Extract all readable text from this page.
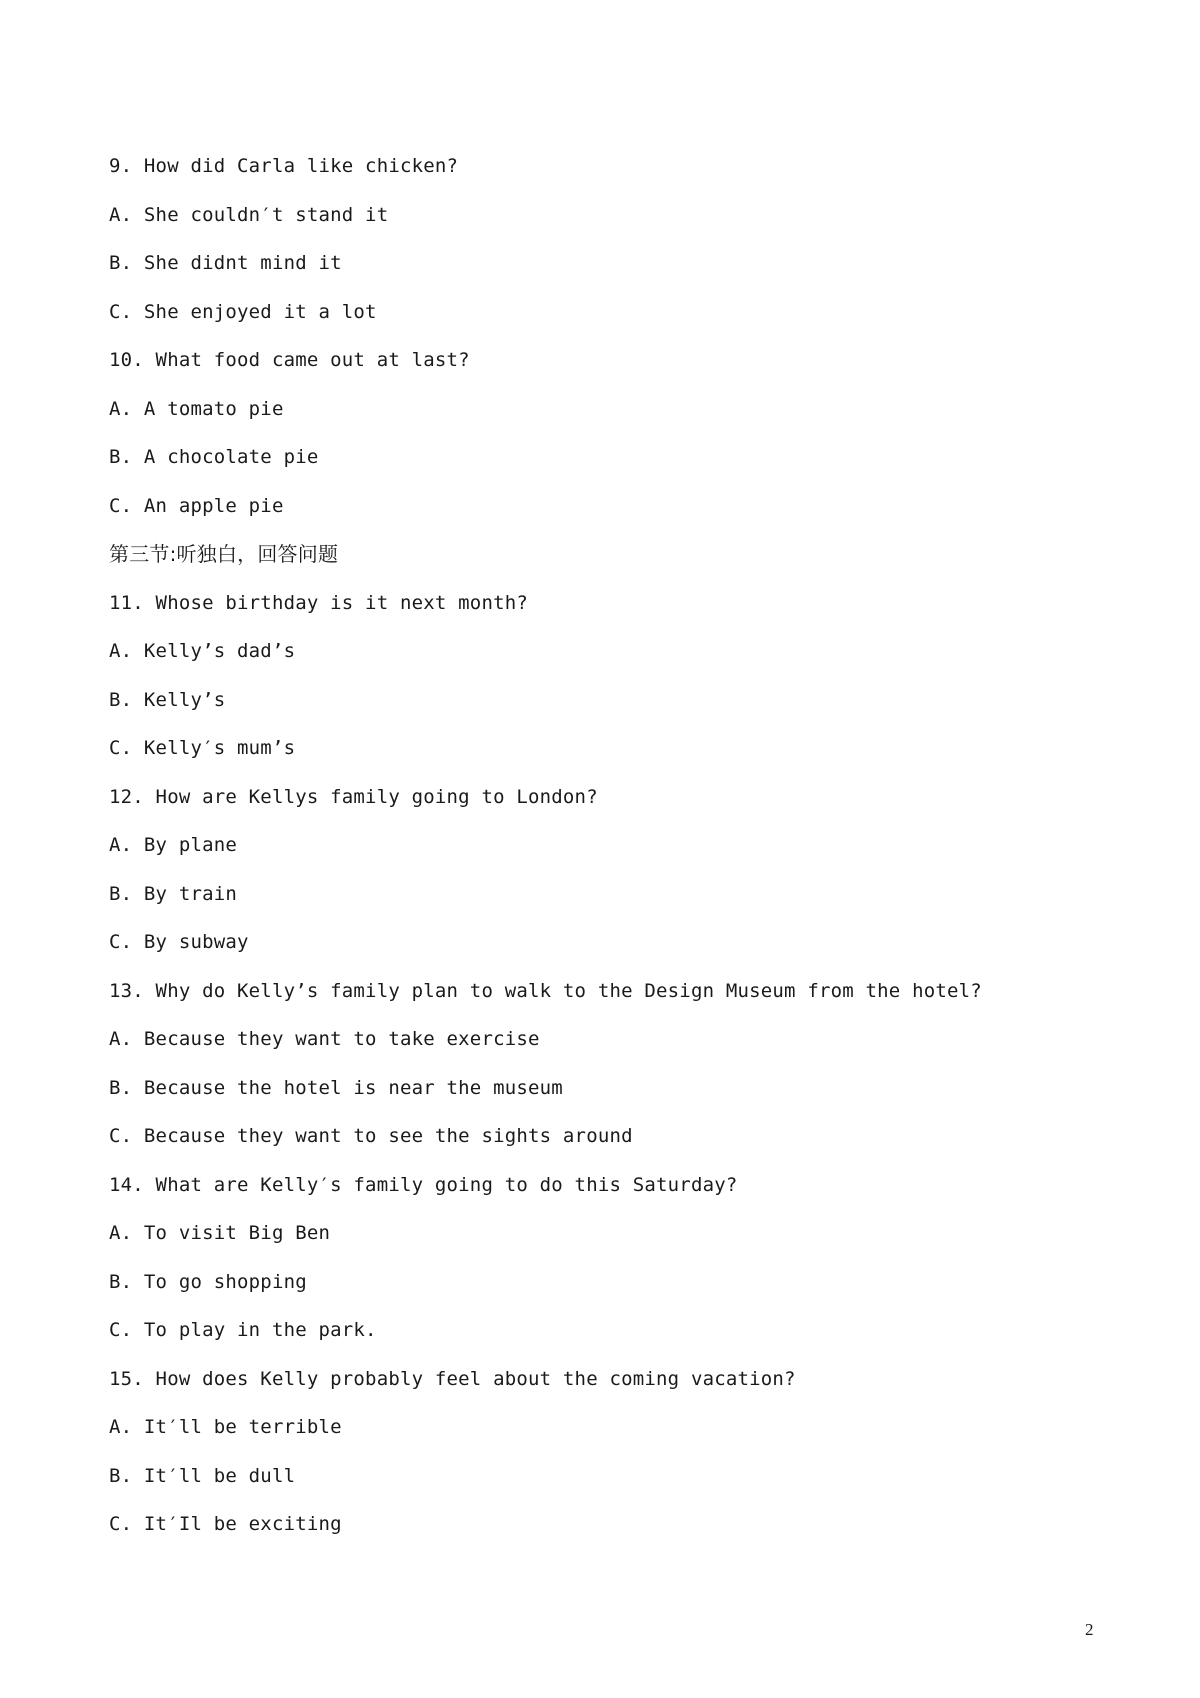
9. How did Carla like chicken?
A. She couldn′t stand it
B. She didnt mind it
C. She enjoyed it a lot
10. What food came out at last?
A. A tomato pie
B. A chocolate pie
C. An apple pie
第三节:听独白，回答问题
11. Whose birthday is it next month?
A. Kelly’s dad’s
B. Kelly’s
C. Kelly′s mum’s
12. How are Kellys family going to London?
A. By plane
B. By train
C. By subway
13. Why do Kelly’s family plan to walk to the Design Museum from the hotel?
A. Because they want to take exercise
B. Because the hotel is near the museum
C. Because they want to see the sights around
14. What are Kelly′s family going to do this Saturday?
A. To visit Big Ben
B. To go shopping
C. To play in the park.
15. How does Kelly probably feel about the coming vacation?
A. It′ll be terrible
B. It′ll be dull
C. It′Il be exciting
2
